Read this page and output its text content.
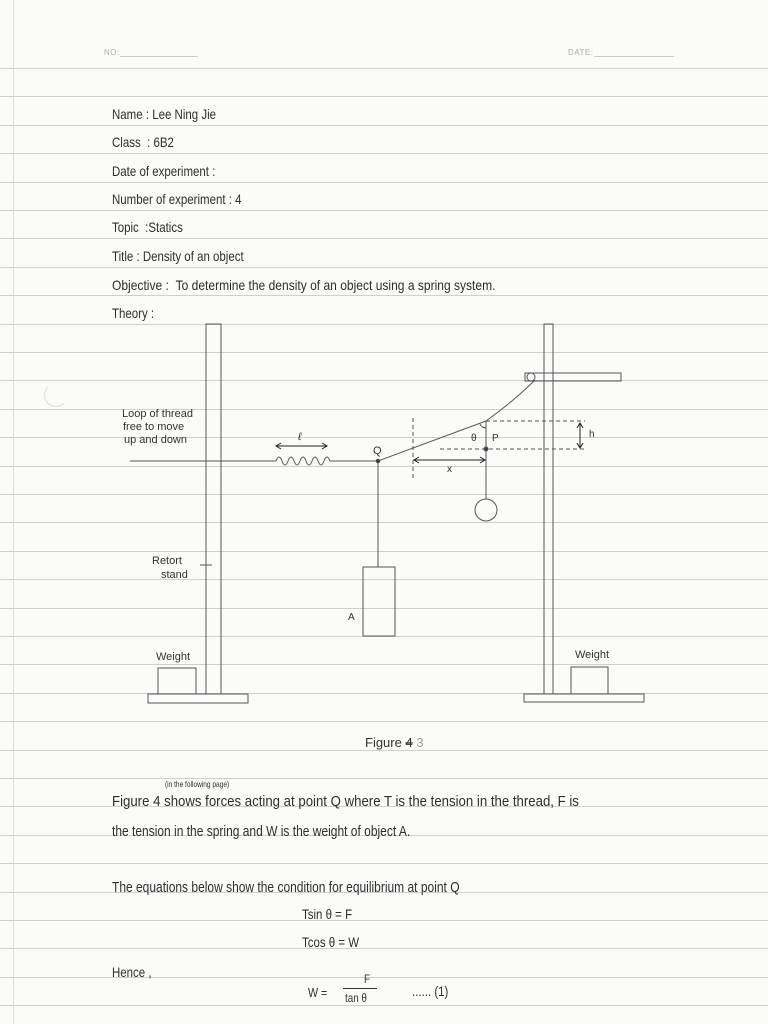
NO:	DATE:
Name : Lee Ning Jie
Class  : 6B2
Date of experiment :
Number of experiment : 4
Topic  :Statics
Title : Density of an object
Objective :  To determine the density of an object using a spring system.
Theory :
Loop of thread free to move up and down
Retort stand
Weight	Weight
ℓ
Q
P
θ
x
h
A
Figure 4 3
(in the following page)
Figure 4 shows forces acting at point Q where T is the tension in the thread, F is
the tension in the spring and W is the weight of object A.
The equations below show the condition for equilibrium at point Q
Tsin θ = F
Tcos θ = W
Hence ,
W =
F
tan θ	...... (1)
